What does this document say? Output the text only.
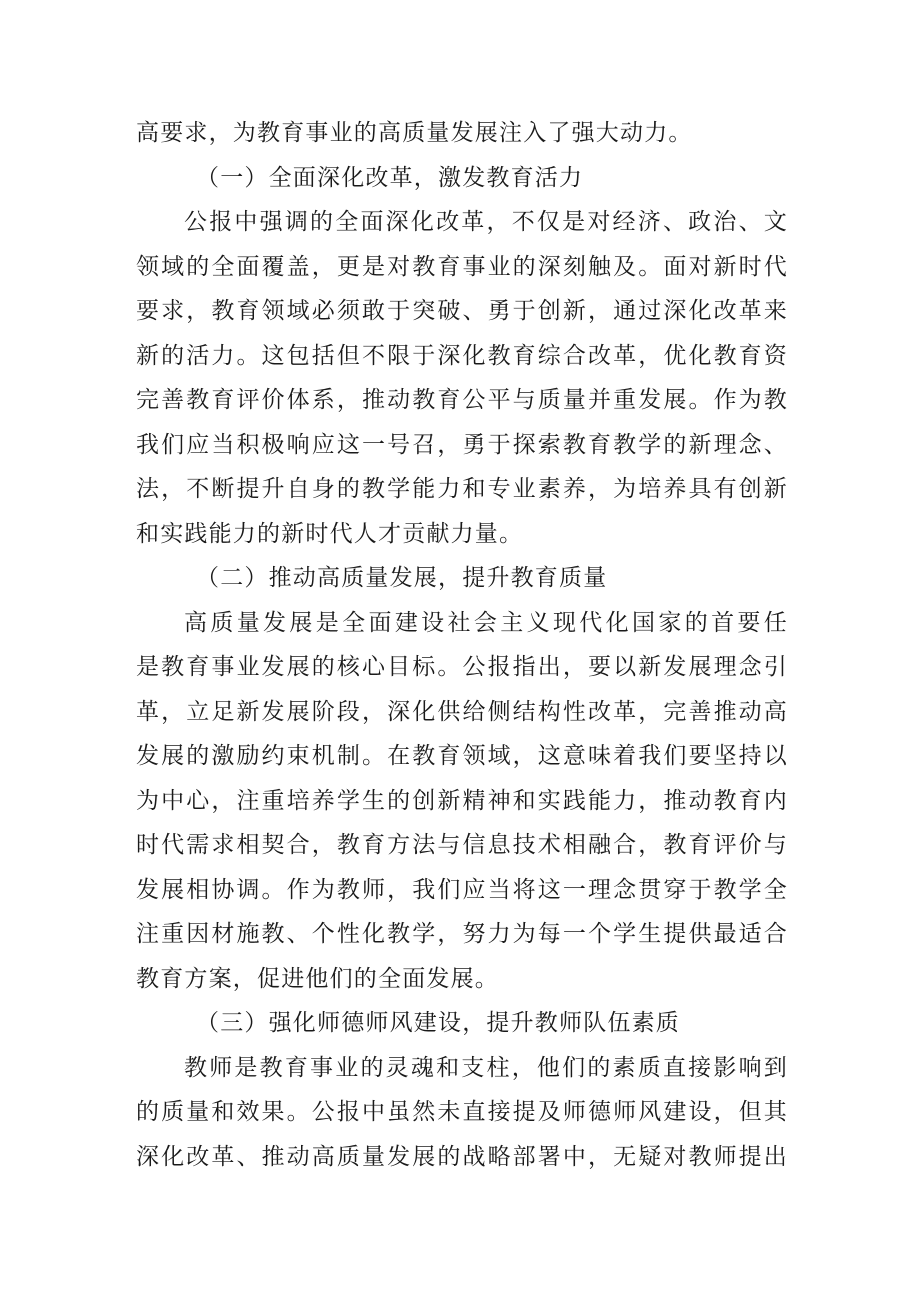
高要求，为教育事业的高质量发展注入了强大动力。
（一）全面深化改革，激发教育活力
公报中强调的全面深化改革，不仅是对经济、政治、文
领域的全面覆盖，更是对教育事业的深刻触及。面对新时代
要求，教育领域必须敢于突破、勇于创新，通过深化改革来
新的活力。这包括但不限于深化教育综合改革，优化教育资
完善教育评价体系，推动教育公平与质量并重发展。作为教
我们应当积极响应这一号召，勇于探索教育教学的新理念、
法，不断提升自身的教学能力和专业素养，为培养具有创新
和实践能力的新时代人才贡献力量。
（二）推动高质量发展，提升教育质量
高质量发展是全面建设社会主义现代化国家的首要任
是教育事业发展的核心目标。公报指出，要以新发展理念引
革，立足新发展阶段，深化供给侧结构性改革，完善推动高
发展的激励约束机制。在教育领域，这意味着我们要坚持以
为中心，注重培养学生的创新精神和实践能力，推动教育内
时代需求相契合，教育方法与信息技术相融合，教育评价与
发展相协调。作为教师，我们应当将这一理念贯穿于教学全
注重因材施教、个性化教学，努力为每一个学生提供最适合
教育方案，促进他们的全面发展。
（三）强化师德师风建设，提升教师队伍素质
教师是教育事业的灵魂和支柱，他们的素质直接影响到
的质量和效果。公报中虽然未直接提及师德师风建设，但其
深化改革、推动高质量发展的战略部署中，无疑对教师提出
